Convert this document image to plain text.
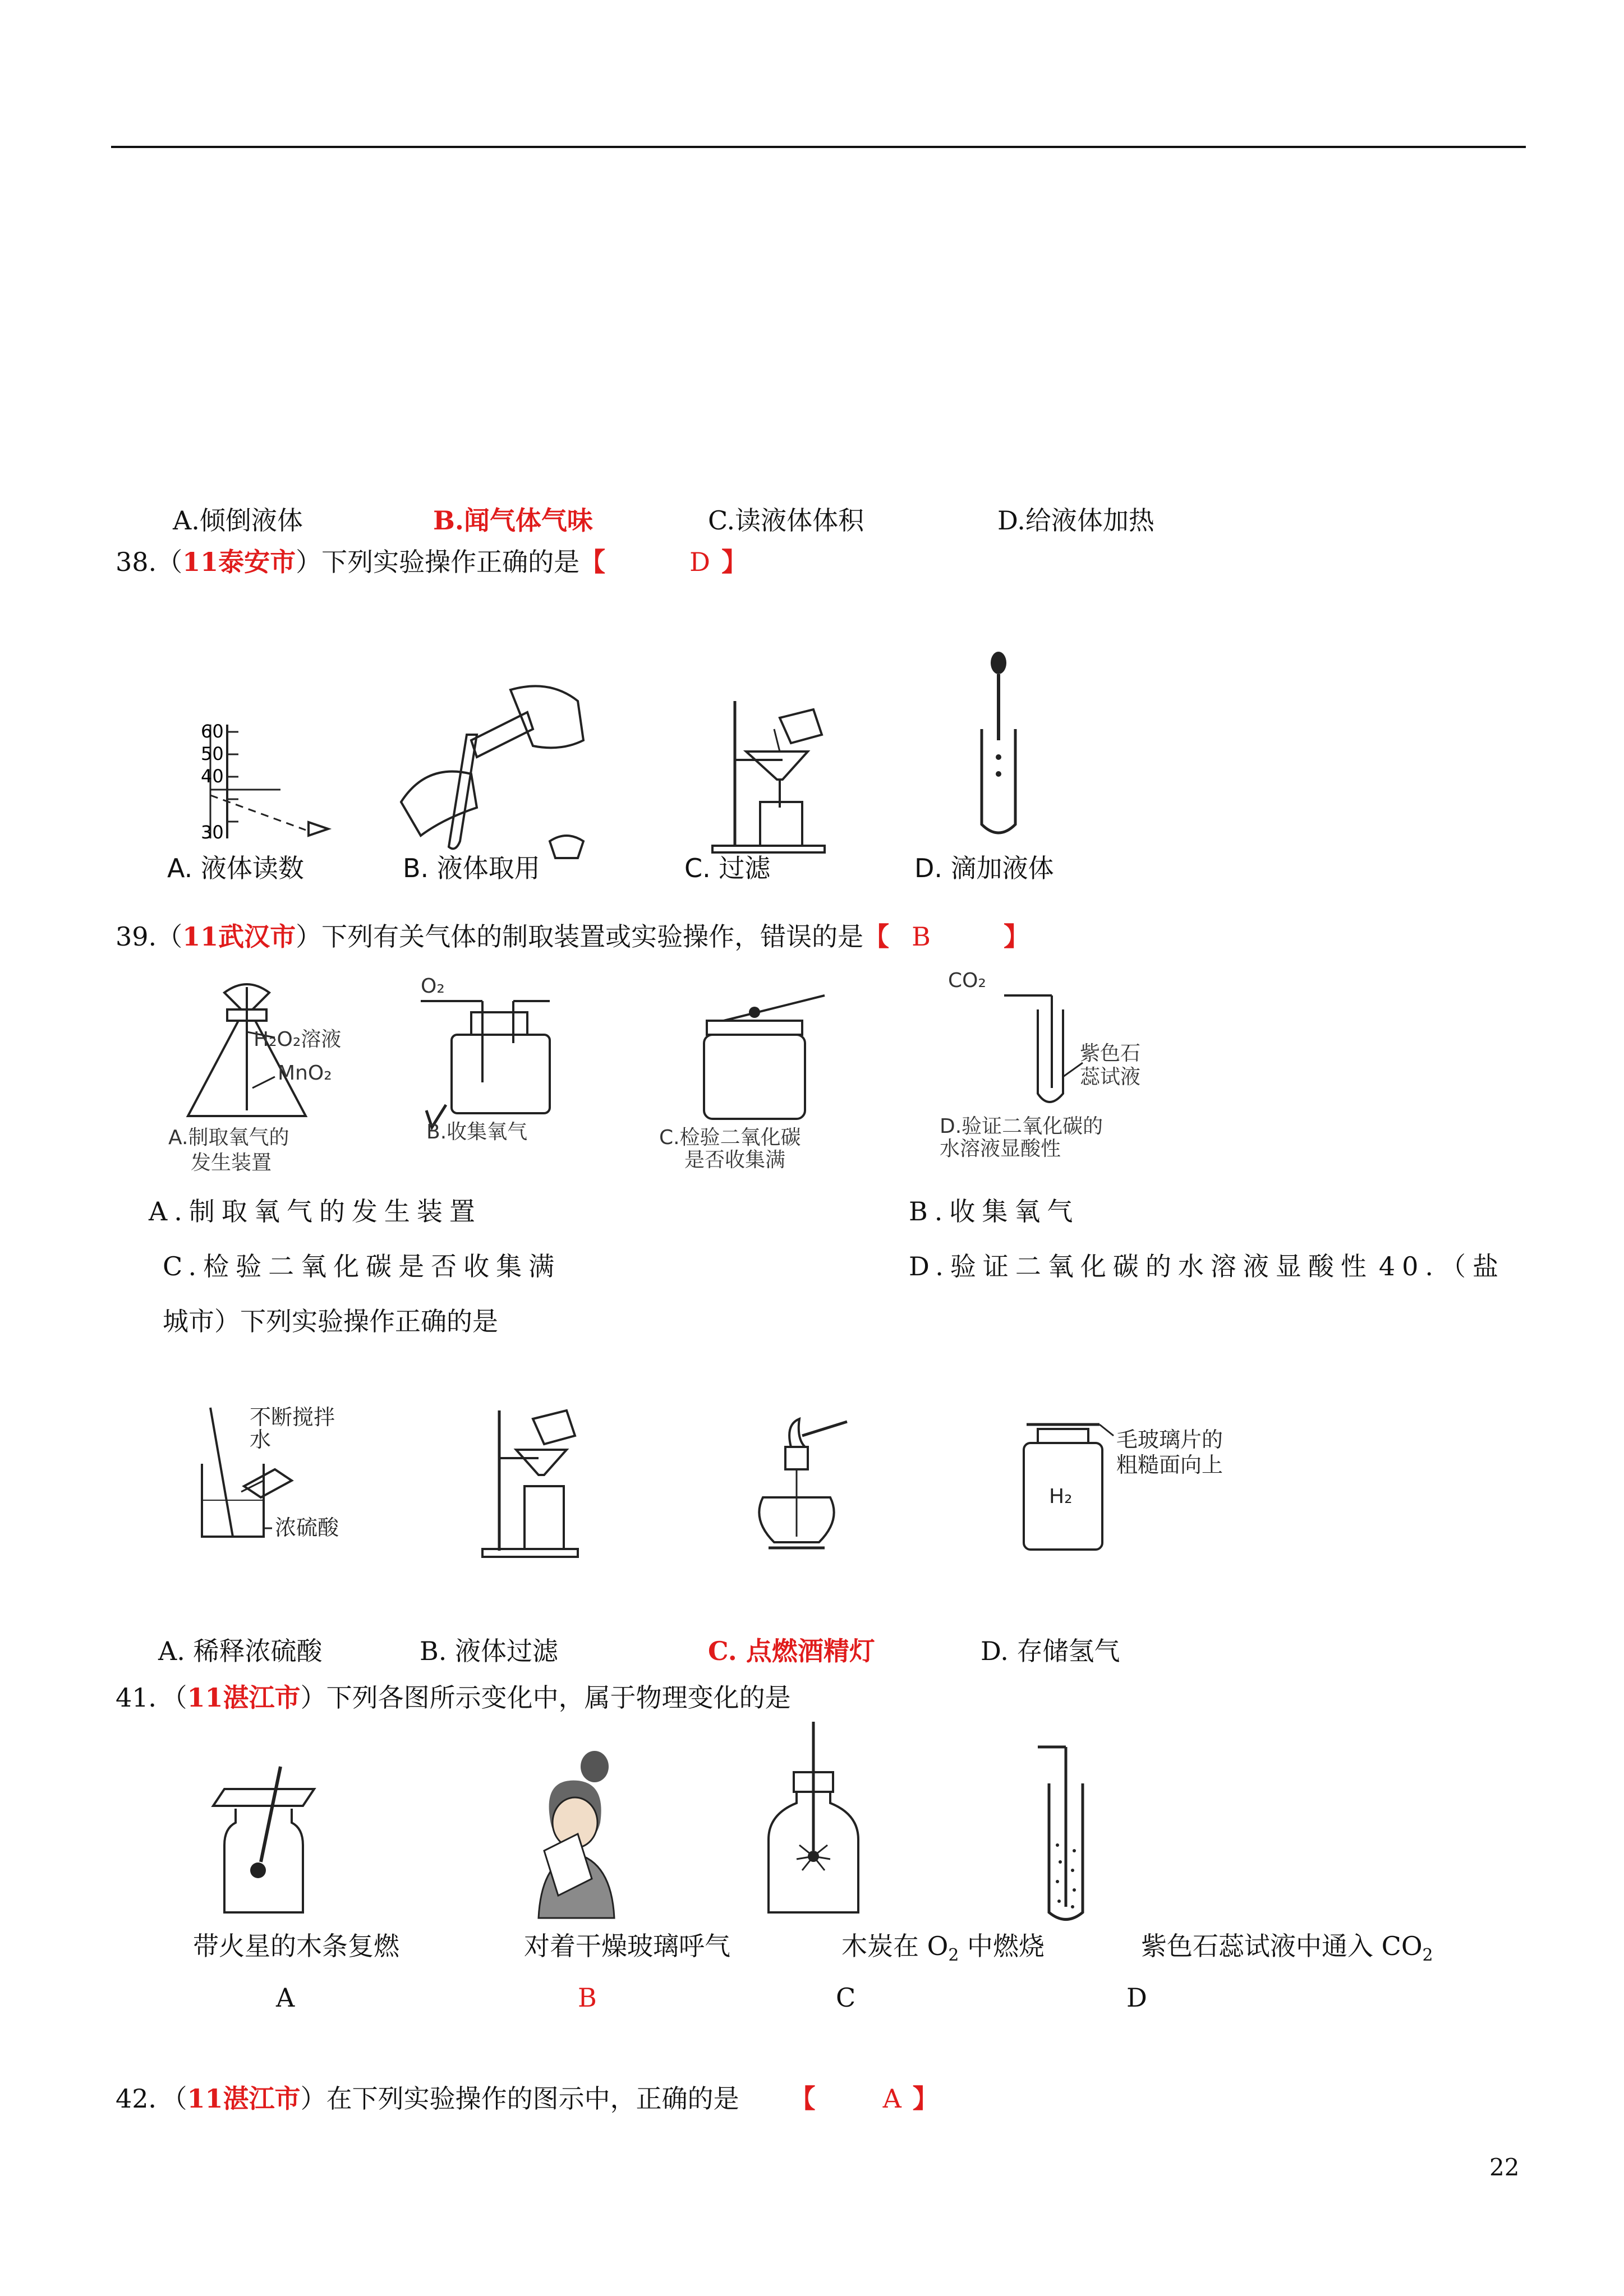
A.倾倒液体	B.闻气体气味	C.读液体体积	D.给液体加热
38.（11泰安市）下列实验操作正确的是【	D 】
60
50
40
30
A. 液体读数	B. 液体取用	C. 过滤	D. 滴加液体
39.（11武汉市）下列有关气体的制取装置或实验操作，错误的是【 B	】
H₂O₂溶液
MnO₂
A.制取氧气的
发生装置
O₂
B.收集氧气	C.检验二氧化碳
是否收集满
CO₂
紫色石
蕊试液
D.验证二氧化碳的
水溶液显酸性
A.制取氧气的发生装置	B.收集氧气
C.检验二氧化碳是否收集满	D.验证二氧化碳的水溶液显酸性 40.（盐
城市）下列实验操作正确的是
不断搅拌
水
浓硫酸
毛玻璃片的
粗糙面向上
H₂
A. 稀释浓硫酸	B. 液体过滤	C. 点燃酒精灯	D. 存储氢气
41．（11湛江市）下列各图所示变化中，属于物理变化的是
带火星的木条复燃	对着干燥玻璃呼气	木炭在 $O_2$ 中燃烧	紫色石蕊试液中通入 $CO_2$
A	B	C	D
42．（11湛江市）在下列实验操作的图示中，正确的是 【	A 】
22
